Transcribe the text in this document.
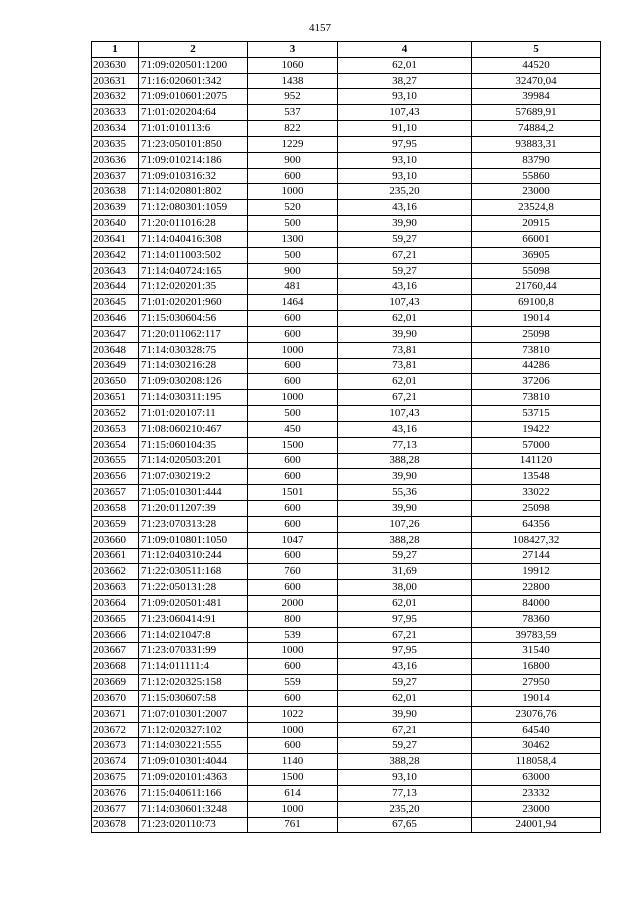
4157
1	2	3	4	5
203630	71:09:020501:1200	1060	62,01	44520
203631	71:16:020601:342	1438	38,27	32470,04
203632	71:09:010601:2075	952	93,10	39984
203633	71:01:020204:64	537	107,43	57689,91
203634	71:01:010113:6	822	91,10	74884,2
203635	71:23:050101:850	1229	97,95	93883,31
203636	71:09:010214:186	900	93,10	83790
203637	71:09:010316:32	600	93,10	55860
203638	71:14:020801:802	1000	235,20	23000
203639	71:12:080301:1059	520	43,16	23524,8
203640	71:20:011016:28	500	39,90	20915
203641	71:14:040416:308	1300	59,27	66001
203642	71:14:011003:502	500	67,21	36905
203643	71:14:040724:165	900	59,27	55098
203644	71:12:020201:35	481	43,16	21760,44
203645	71:01:020201:960	1464	107,43	69100,8
203646	71:15:030604:56	600	62,01	19014
203647	71:20:011062:117	600	39,90	25098
203648	71:14:030328:75	1000	73,81	73810
203649	71:14:030216:28	600	73,81	44286
203650	71:09:030208:126	600	62,01	37206
203651	71:14:030311:195	1000	67,21	73810
203652	71:01:020107:11	500	107,43	53715
203653	71:08:060210:467	450	43,16	19422
203654	71:15:060104:35	1500	77,13	57000
203655	71:14:020503:201	600	388,28	141120
203656	71:07:030219:2	600	39,90	13548
203657	71:05:010301:444	1501	55,36	33022
203658	71:20:011207:39	600	39,90	25098
203659	71:23:070313:28	600	107,26	64356
203660	71:09:010801:1050	1047	388,28	108427,32
203661	71:12:040310:244	600	59,27	27144
203662	71:22:030511:168	760	31,69	19912
203663	71:22:050131:28	600	38,00	22800
203664	71:09:020501:481	2000	62,01	84000
203665	71:23:060414:91	800	97,95	78360
203666	71:14:021047:8	539	67,21	39783,59
203667	71:23:070331:99	1000	97,95	31540
203668	71:14:011111:4	600	43,16	16800
203669	71:12:020325:158	559	59,27	27950
203670	71:15:030607:58	600	62,01	19014
203671	71:07:010301:2007	1022	39,90	23076,76
203672	71:12:020327:102	1000	67,21	64540
203673	71:14:030221:555	600	59,27	30462
203674	71:09:010301:4044	1140	388,28	118058,4
203675	71:09:020101:4363	1500	93,10	63000
203676	71:15:040611:166	614	77,13	23332
203677	71:14:030601:3248	1000	235,20	23000
203678	71:23:020110:73	761	67,65	24001,94
